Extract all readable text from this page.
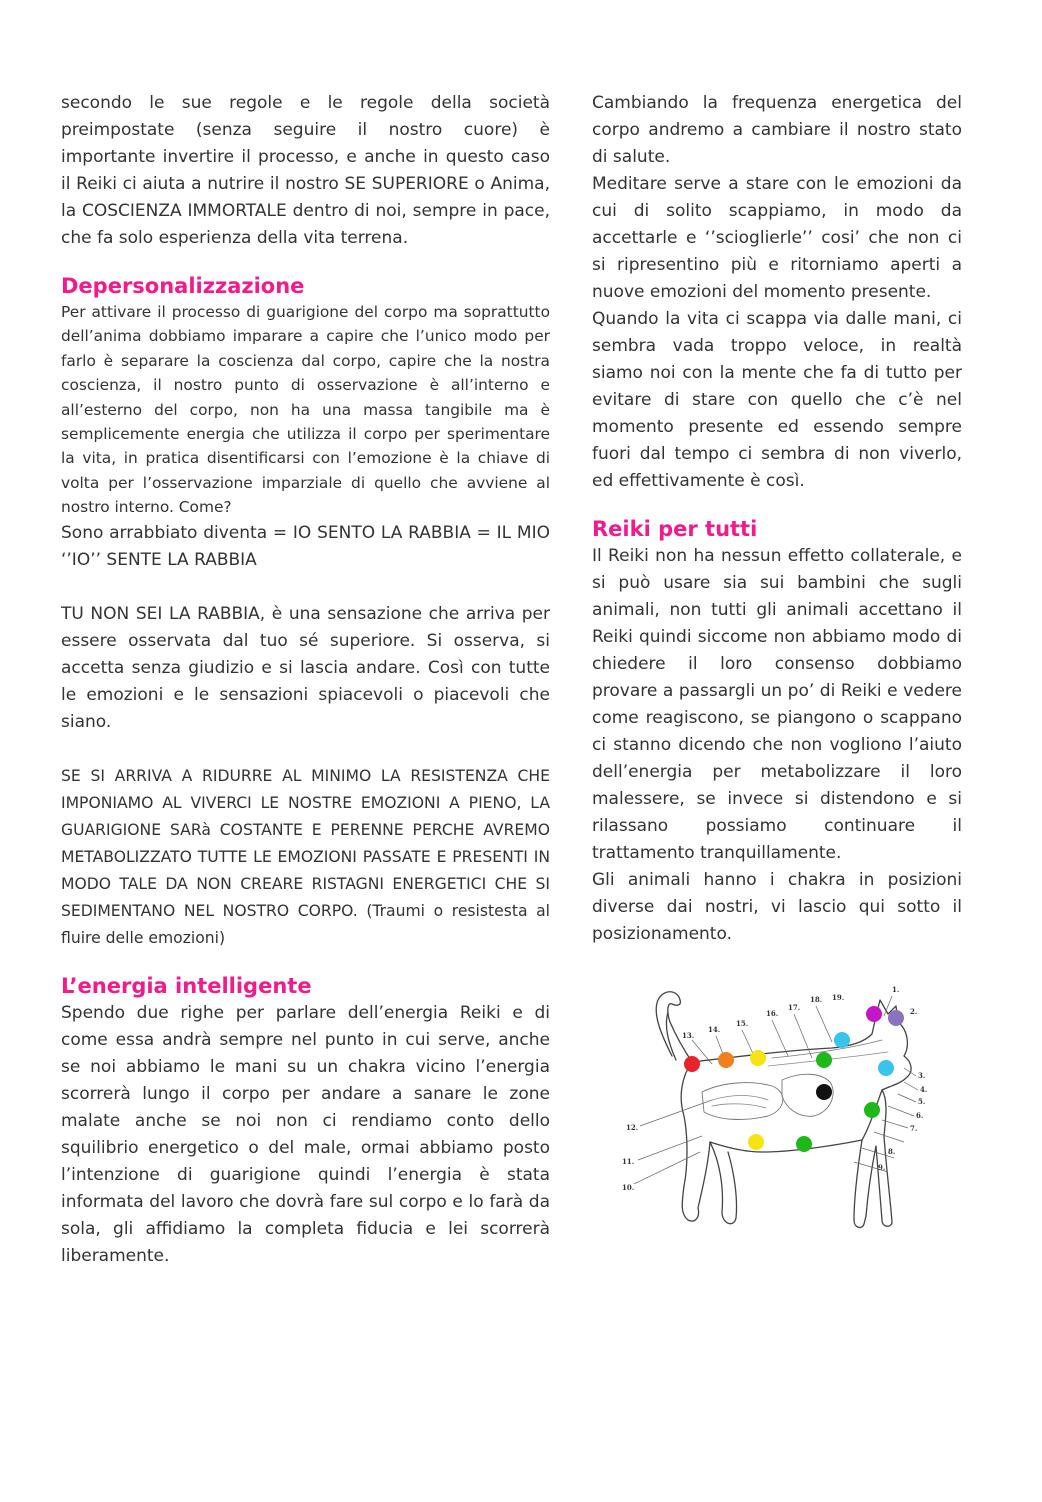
secondo le sue regole e le regole della società preimpostate (senza seguire il nostro cuore) è importante invertire il processo, e anche in questo caso il Reiki ci aiuta a nutrire il nostro SE SUPERIORE o Anima, la COSCIENZA IMMORTALE dentro di noi, sempre in pace, che fa solo esperienza della vita terrena.

Depersonalizzazione

Per attivare il processo di guarigione del corpo ma soprattutto dell’anima dobbiamo imparare a capire che l’unico modo per farlo è separare la coscienza dal corpo, capire che la nostra coscienza, il nostro punto di osservazione è all’interno e all’esterno del corpo, non ha una massa tangibile ma è semplicemente energia che utilizza il corpo per sperimentare la vita, in pratica disentificarsi con l’emozione è la chiave di volta per l’osservazione imparziale di quello che avviene al nostro interno. Come?

Sono arrabbiato diventa = IO SENTO LA RABBIA = IL MIO ‘’IO’’ SENTE LA RABBIA

TU NON SEI LA RABBIA, è una sensazione che arriva per essere osservata dal tuo sé superiore. Si osserva, si accetta senza giudizio e si lascia andare. Così con tutte le emozioni e le sensazioni spiacevoli o piacevoli che siano.

SE SI ARRIVA A RIDURRE AL MINIMO LA RESISTENZA CHE IMPONIAMO AL VIVERCI LE NOSTRE EMOZIONI A PIENO, LA GUARIGIONE SARà COSTANTE E PERENNE PERCHE AVREMO METABOLIZZATO TUTTE LE EMOZIONI PASSATE E PRESENTI IN MODO TALE DA NON CREARE RISTAGNI ENERGETICI CHE SI SEDIMENTANO NEL NOSTRO CORPO. (Traumi o resistesta al fluire delle emozioni)

L’energia intelligente

Spendo due righe per parlare dell’energia Reiki e di come essa andrà sempre nel punto in cui serve, anche se noi abbiamo le mani su un chakra vicino l’energia scorrerà lungo il corpo per andare a sanare le zone malate anche se noi non ci rendiamo conto dello squilibrio energetico o del male, ormai abbiamo posto l’intenzione di guarigione quindi l’energia è stata informata del lavoro che dovrà fare sul corpo e lo farà da sola, gli affidiamo la completa fiducia e lei scorrerà liberamente.

Cambiando la frequenza energetica del corpo andremo a cambiare il nostro stato di salute.

Meditare serve a stare con le emozioni da cui di solito scappiamo, in modo da accettarle e ‘’scioglierle’’ cosi’ che non ci si ripresentino più e ritorniamo aperti a nuove emozioni del momento presente.

Quando la vita ci scappa via dalle mani, ci sembra vada troppo veloce, in realtà siamo noi con la mente che fa di tutto per evitare di stare con quello che c’è nel momento presente ed essendo sempre fuori dal tempo ci sembra di non viverlo, ed effettivamente è così.

Reiki per tutti

Il Reiki non ha nessun effetto collaterale, e si può usare sia sui bambini che sugli animali, non tutti gli animali accettano il Reiki quindi siccome non abbiamo modo di chiedere il loro consenso dobbiamo provare a passargli un po’ di Reiki e vedere come reagiscono, se piangono o scappano ci stanno dicendo che non vogliono l’aiuto dell’energia per metabolizzare il loro malessere, se invece si distendono e si rilassano possiamo continuare il trattamento tranquillamente.

Gli animali hanno i chakra in posizioni diverse dai nostri, vi lascio qui sotto il posizionamento.

1.
2.
3.
4.
5.
6.
7.
8.
9.
10.
11.
12.
13.
14.
15.
16.
17.
18. 19.
